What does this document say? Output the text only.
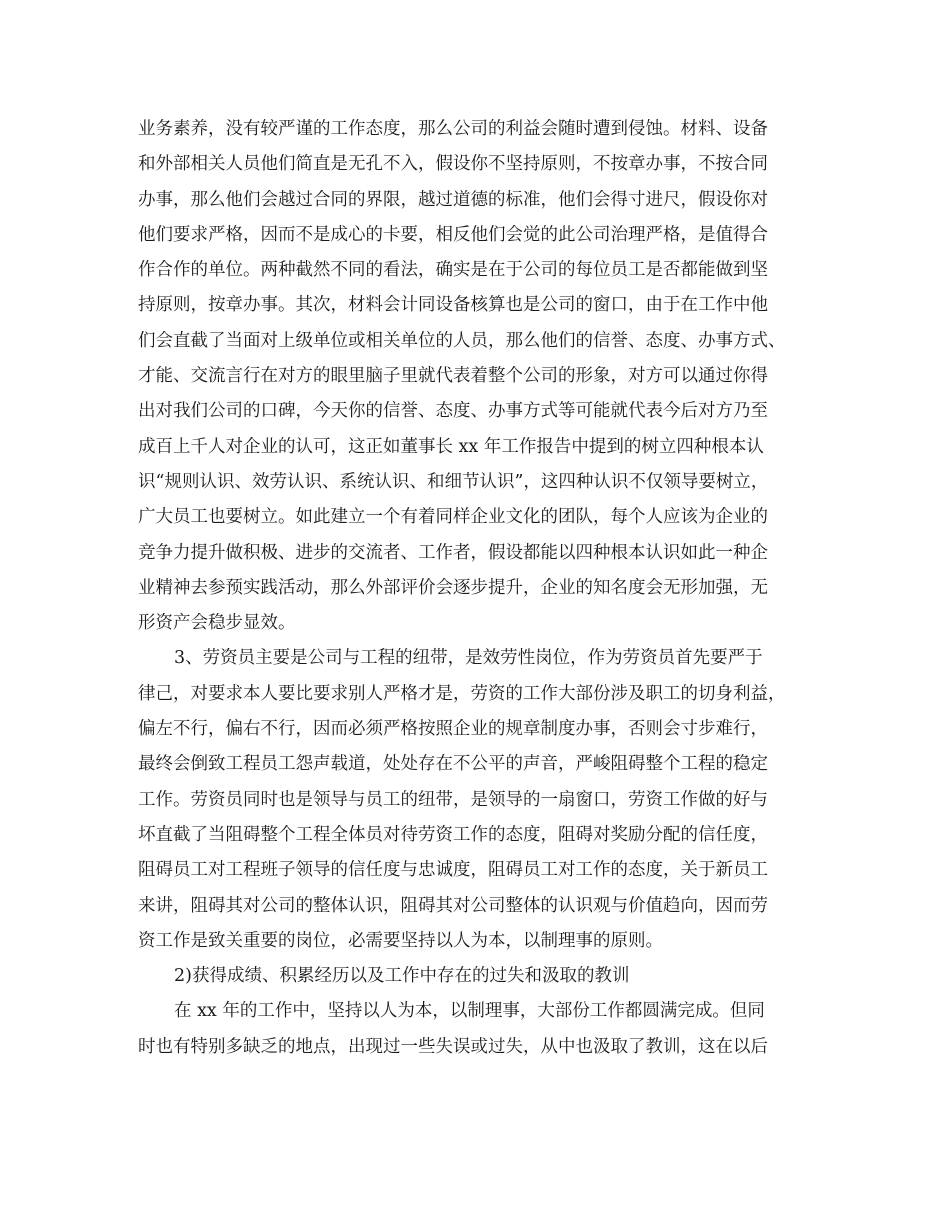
业务素养，没有较严谨的工作态度，那么公司的利益会随时遭到侵蚀。材料、设备
和外部相关人员他们简直是无孔不入，假设你不坚持原则，不按章办事，不按合同
办事，那么他们会越过合同的界限，越过道德的标准，他们会得寸进尺，假设你对
他们要求严格，因而不是成心的卡要，相反他们会觉的此公司治理严格，是值得合
作合作的单位。两种截然不同的看法，确实是在于公司的每位员工是否都能做到坚
持原则，按章办事。其次，材料会计同设备核算也是公司的窗口，由于在工作中他
们会直截了当面对上级单位或相关单位的人员，那么他们的信誉、态度、办事方式、
才能、交流言行在对方的眼里脑子里就代表着整个公司的形象，对方可以通过你得
出对我们公司的口碑，今天你的信誉、态度、办事方式等可能就代表今后对方乃至
成百上千人对企业的认可，这正如董事长 xx 年工作报告中提到的树立四种根本认
识“规则认识、效劳认识、系统认识、和细节认识”，这四种认识不仅领导要树立，
广大员工也要树立。如此建立一个有着同样企业文化的团队，每个人应该为企业的
竞争力提升做积极、进步的交流者、工作者，假设都能以四种根本认识如此一种企
业精神去参预实践活动，那么外部评价会逐步提升，企业的知名度会无形加强，无
形资产会稳步显效。
3、劳资员主要是公司与工程的纽带，是效劳性岗位，作为劳资员首先要严于
律己，对要求本人要比要求别人严格才是，劳资的工作大部份涉及职工的切身利益，
偏左不行，偏右不行，因而必须严格按照企业的规章制度办事，否则会寸步难行，
最终会倒致工程员工怨声载道，处处存在不公平的声音，严峻阻碍整个工程的稳定
工作。劳资员同时也是领导与员工的纽带，是领导的一扇窗口，劳资工作做的好与
坏直截了当阻碍整个工程全体员对待劳资工作的态度，阻碍对奖励分配的信任度，
阻碍员工对工程班子领导的信任度与忠诚度，阻碍员工对工作的态度，关于新员工
来讲，阻碍其对公司的整体认识，阻碍其对公司整体的认识观与价值趋向，因而劳
资工作是致关重要的岗位，必需要坚持以人为本，以制理事的原则。
2)获得成绩、积累经历以及工作中存在的过失和汲取的教训
在 xx 年的工作中，坚持以人为本，以制理事，大部份工作都圆满完成。但同
时也有特别多缺乏的地点，出现过一些失误或过失，从中也汲取了教训，这在以后
